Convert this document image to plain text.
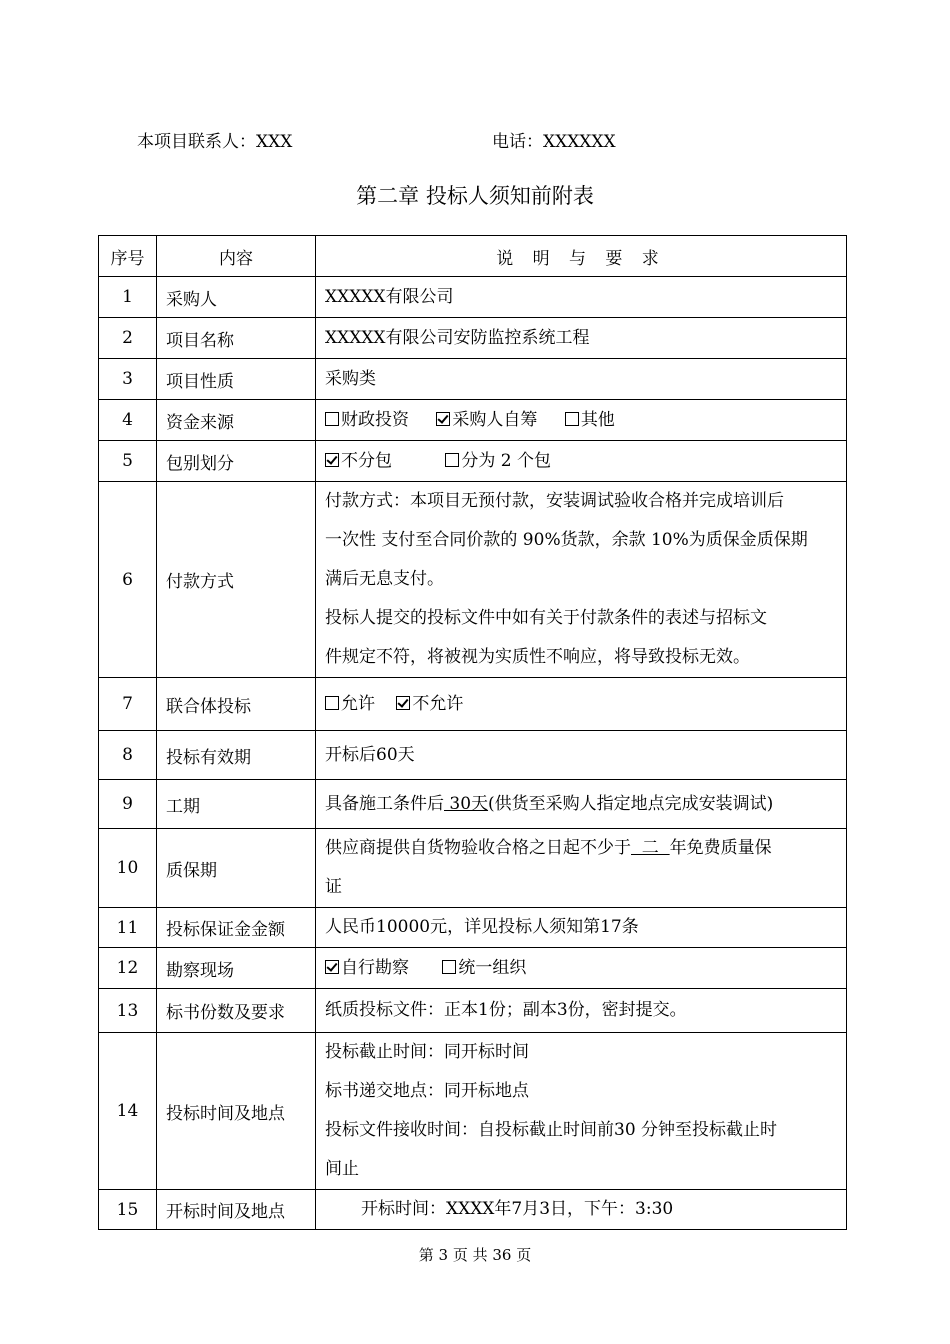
本项目联系人：XXX	电话：XXXXXX
第二章 投标人须知前附表
序号	内容	说 明 与 要 求
1	采购人	XXXXX有限公司
2	项目名称	XXXXX有限公司安防监控系统工程
3	项目性质	采购类
4	资金来源	财政投资 采购人自筹 其他
5	包别划分	不分包 分为 2 个包
6	付款方式	付款方式：本项目无预付款，安装调试验收合格并完成培训后
一次性 支付至合同价款的 90%货款，余款 10%为质保金质保期
满后无息支付。
投标人提交的投标文件中如有关于付款条件的表述与招标文
件规定不符，将被视为实质性不响应，将导致投标无效。

7	联合体投标	允许 不允许
8	投标有效期	开标后60天
9	工期	具备施工条件后 30天(供货至采购人指定地点完成安装调试)
10	质保期	供应商提供自货物验收合格之日起不少于  二  年免费质量保
证

11	投标保证金金额	人民币10000元，详见投标人须知第17条
12	勘察现场	自行勘察 统一组织
13	标书份数及要求	纸质投标文件：正本1份；副本3份，密封提交。
14	投标时间及地点	投标截止时间：同开标时间
标书递交地点：同开标地点
投标文件接收时间：自投标截止时间前30 分钟至投标截止时
间止

15	开标时间及地点	开标时间：XXXX年7月3日，下午：3:30
第 3 页 共 36 页
